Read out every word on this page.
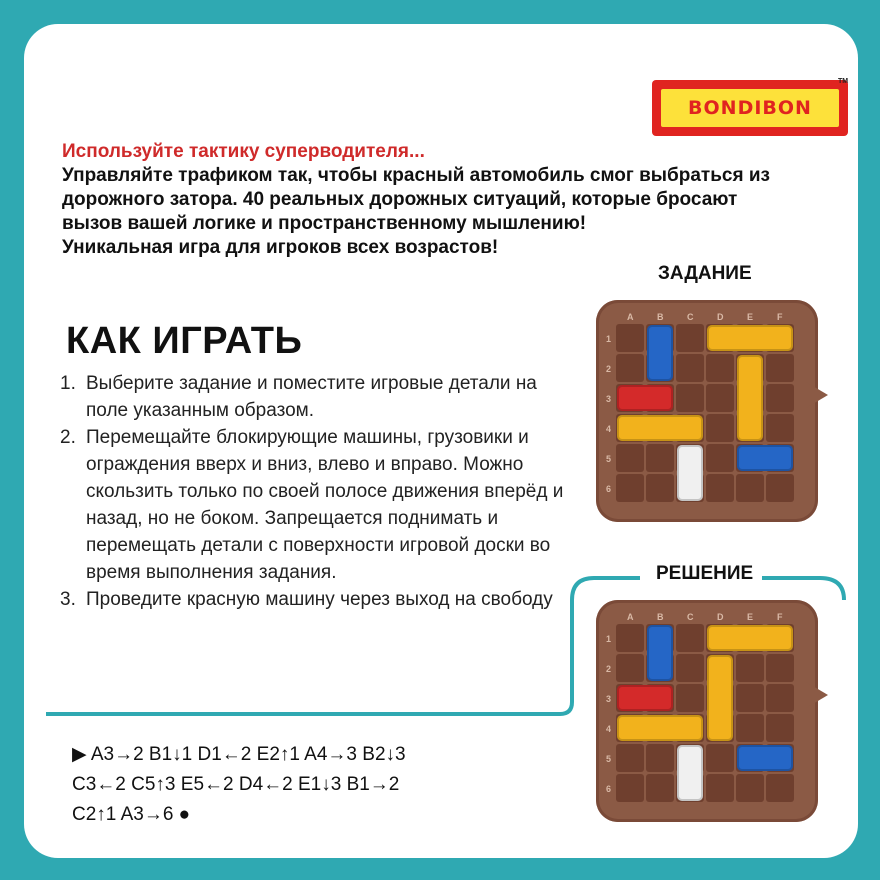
BONDIBON
TM
Используйте тактику суперводителя...
Управляйте трафиком так, чтобы красный автомобиль смог выбраться из
дорожного затора. 40 реальных дорожных ситуаций, которые бросают
вызов вашей логике и пространственному мышлению!
Уникальная игра для игроков всех возрастов!
КАК ИГРАТЬ
1. Выберите задание и поместите игровые детали на поле указанным образом.
2. Перемещайте блокирующие машины, грузовики и ограждения вверх и вниз, влево и вправо. Можно скользить только по своей полосе движения вперёд и назад, но не боком. Запрещается поднимать и перемещать детали с поверхности игровой доски во время выполнения задания.
3. Проведите красную машину через выход на свободу
ЗАДАНИЕ
РЕШЕНИЕ
A	B	C	D	E	F
1
2
3
4
5
6
A	B	C	D	E	F
1
2
3
4
5
6
▶ A3→2 B1↓1 D1←2 E2↑1 A4→3 B2↓3
C3←2 C5↑3 E5←2 D4←2 E1↓3 B1→2
C2↑1 A3→6 ●
